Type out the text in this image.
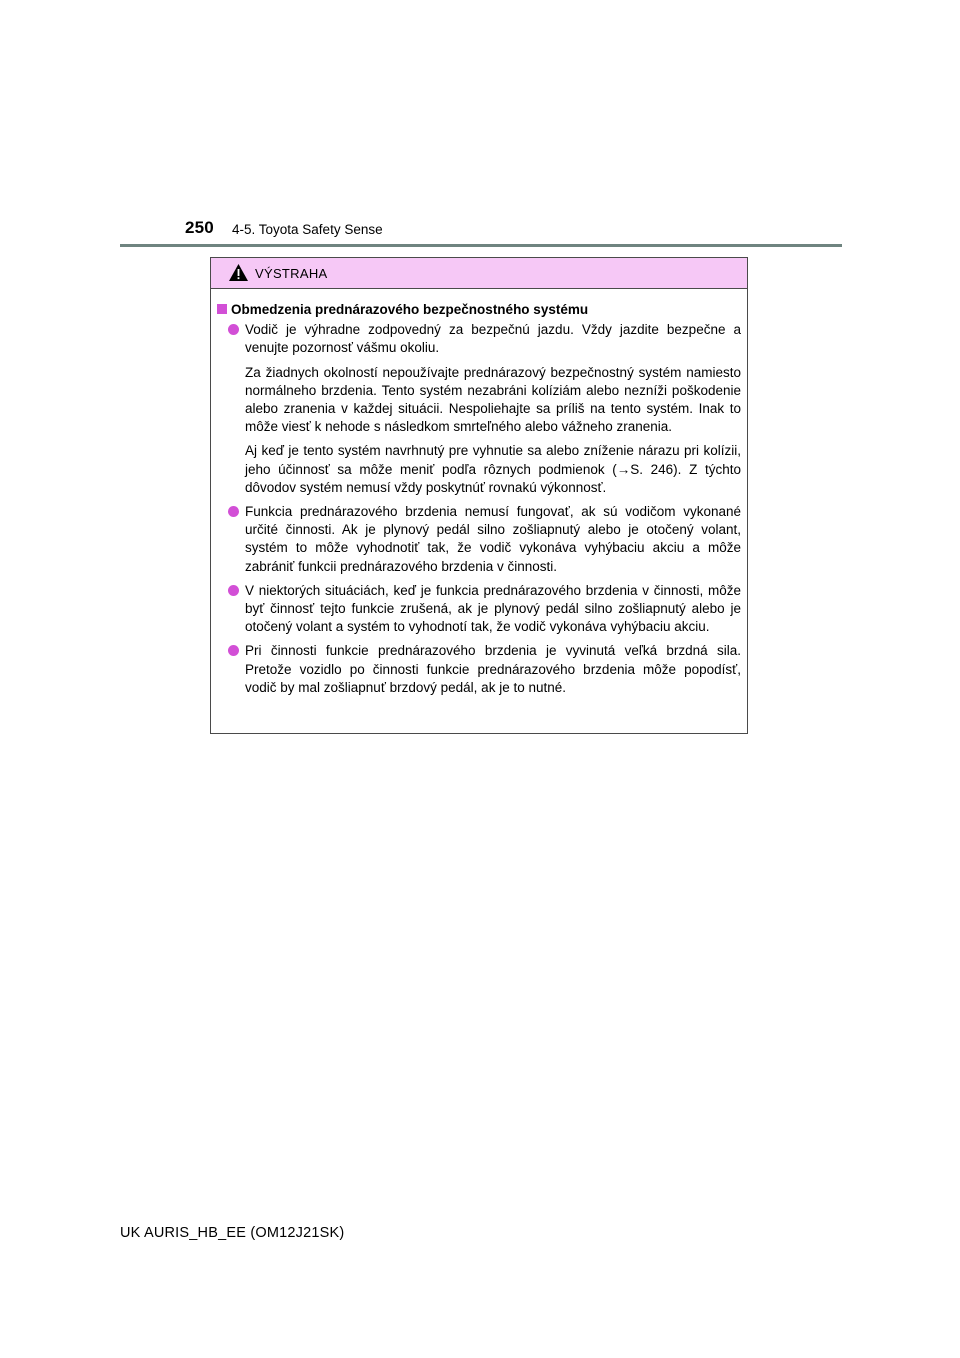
250 4-5. Toyota Safety Sense
VÝSTRAHA
Obmedzenia prednárazového bezpečnostného systému

Vodič je výhradne zodpovedný za bezpečnú jazdu. Vždy jazdite bezpečne a venujte pozornosť vášmu okoliu.

Za žiadnych okolností nepoužívajte prednárazový bezpečnostný systém namiesto normálneho brzdenia. Tento systém nezabráni kolíziám alebo nezníži poškodenie alebo zranenia v každej situácii. Nespoliehajte sa príliš na tento systém. Inak to môže viesť k nehode s následkom smrteľného alebo vážneho zranenia.

Aj keď je tento systém navrhnutý pre vyhnutie sa alebo zníženie nárazu pri kolízii, jeho účinnosť sa môže meniť podľa rôznych podmienok (→S. 246). Z týchto dôvodov systém nemusí vždy poskytnúť rovnakú výkonnosť.

Funkcia prednárazového brzdenia nemusí fungovať, ak sú vodičom vykonané určité činnosti. Ak je plynový pedál silno zošliapnutý alebo je otočený volant, systém to môže vyhodnotiť tak, že vodič vykonáva vyhýbaciu akciu a môže zabrániť funkcii prednárazového brzdenia v činnosti.

V niektorých situáciách, keď je funkcia prednárazového brzdenia v činnosti, môže byť činnosť tejto funkcie zrušená, ak je plynový pedál silno zošliapnutý alebo je otočený volant a systém to vyhodnotí tak, že vodič vykonáva vyhýbaciu akciu.

Pri činnosti funkcie prednárazového brzdenia je vyvinutá veľká brzdná sila. Pretože vozidlo po činnosti funkcie prednárazového brzdenia môže popodísť, vodič by mal zošliapnuť brzdový pedál, ak je to nutné.

UK AURIS_HB_EE (OM12J21SK)
